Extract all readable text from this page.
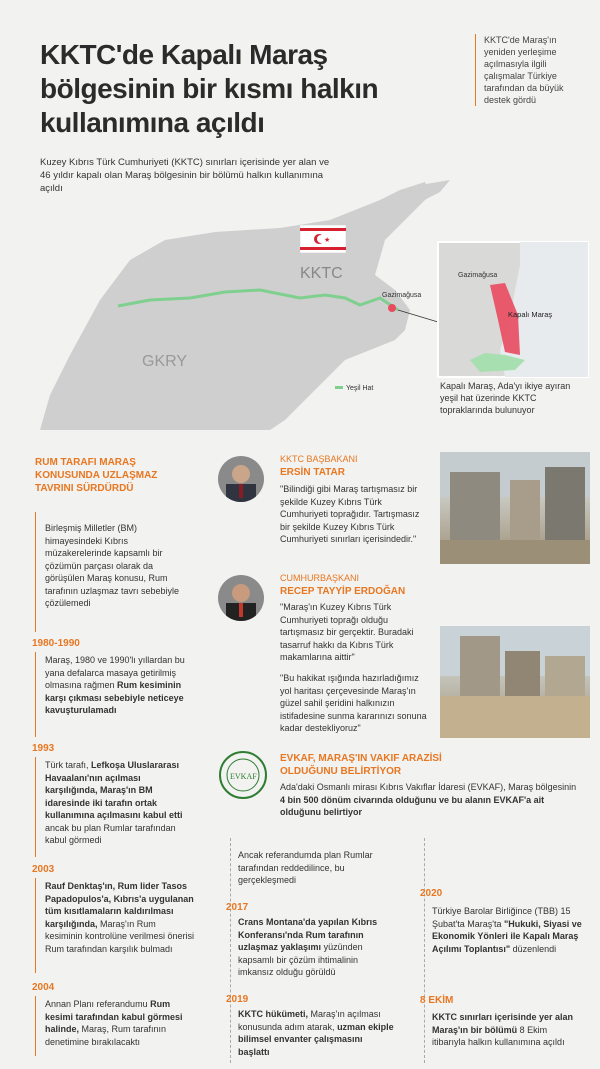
KKTC'de Kapalı Maraş bölgesinin bir kısmı halkın kullanımına açıldı
KKTC'de Maraş'ın yeniden yerleşime açılmasıyla ilgili çalışmalar Türkiye tarafından da büyük destek gördü
Kuzey Kıbrıs Türk Cumhuriyeti (KKTC) sınırları içerisinde yer alan ve 46 yıldır kapalı olan Maraş bölgesinin bir bölümü halkın kullanımına açıldı
KKTC
GKRY
Gazimağusa
Yeşil Hat
★
Gazimağusa
Kapalı Maraş
Kapalı Maraş, Ada'yı ikiye ayıran yeşil hat üzerinde KKTC topraklarında bulunuyor
RUM TARAFI MARAŞ KONUSUNDA UZLAŞMAZ TAVRINI SÜRDÜRDÜ
Birleşmiş Milletler (BM) himayesindeki Kıbrıs müzakerelerinde kapsamlı bir çözümün parçası olarak da görüşülen Maraş konusu, Rum tarafının uzlaşmaz tavrı sebebiyle çözülemedi
1980-1990
Maraş, 1980 ve 1990'lı yıllardan bu yana defalarca masaya getirilmiş olmasına rağmen Rum kesiminin karşı çıkması sebebiyle neticeye kavuşturulamadı
1993
Türk tarafı, Lefkoşa Uluslararası Havaalanı'nın açılması karşılığında, Maraş'ın BM idaresinde iki tarafın ortak kullanımına açılmasını kabul etti ancak bu plan Rumlar tarafından kabul görmedi
2003
Rauf Denktaş'ın, Rum lider Tasos Papadopulos'a, Kıbrıs'a uygulanan tüm kısıtlamaların kaldırılması karşılığında, Maraş'ın Rum kesiminin kontrolüne verilmesi önerisi Rum tarafından karşılık bulmadı
2004
Annan Planı referandumu Rum kesimi tarafından kabul görmesi halinde, Maraş, Rum tarafının denetimine bırakılacaktı
KKTC BAŞBAKANI
ERSİN TATAR
"Bilindiği gibi Maraş tartışmasız bir şekilde Kuzey Kıbrıs Türk Cumhuriyeti toprağıdır. Tartışmasız bir şekilde Kuzey Kıbrıs Türk Cumhuriyeti sınırları içerisindedir."
CUMHURBAŞKANI
RECEP TAYYİP ERDOĞAN
"Maraş'ın Kuzey Kıbrıs Türk Cumhuriyeti toprağı olduğu tartışmasız bir gerçektir. Buradaki tasarruf hakkı da Kıbrıs Türk makamlarına aittir"
"Bu hakikat ışığında hazırladığımız yol haritası çerçevesinde Maraş'ın güzel sahil şeridini halkınızın istifadesine sunma kararınızı sonuna kadar destekliyoruz"
EVKAF
EVKAF, MARAŞ'IN VAKIF ARAZİSİ OLDUĞUNU BELİRTİYOR
Ada'daki Osmanlı mirası Kıbrıs Vakıflar İdaresi (EVKAF), Maraş bölgesinin 4 bin 500 dönüm civarında olduğunu ve bu alanın EVKAF'a ait olduğunu belirtiyor
Ancak referandumda plan Rumlar tarafından reddedilince, bu gerçekleşmedi
2017
Crans Montana'da yapılan Kıbrıs Konferansı'nda Rum tarafının uzlaşmaz yaklaşımı yüzünden kapsamlı bir çözüm ihtimalinin imkansız olduğu görüldü
2019
KKTC hükümeti, Maraş'ın açılması konusunda adım atarak, uzman ekiple bilimsel envanter çalışmasını başlattı
2020
Türkiye Barolar Birliğince (TBB) 15 Şubat'ta Maraş'ta "Hukuki, Siyasi ve Ekonomik Yönleri ile Kapalı Maraş Açılımı Toplantısı" düzenlendi
8 EKİM
KKTC sınırları içerisinde yer alan Maraş'ın bir bölümü 8 Ekim itibarıyla halkın kullanımına açıldı
